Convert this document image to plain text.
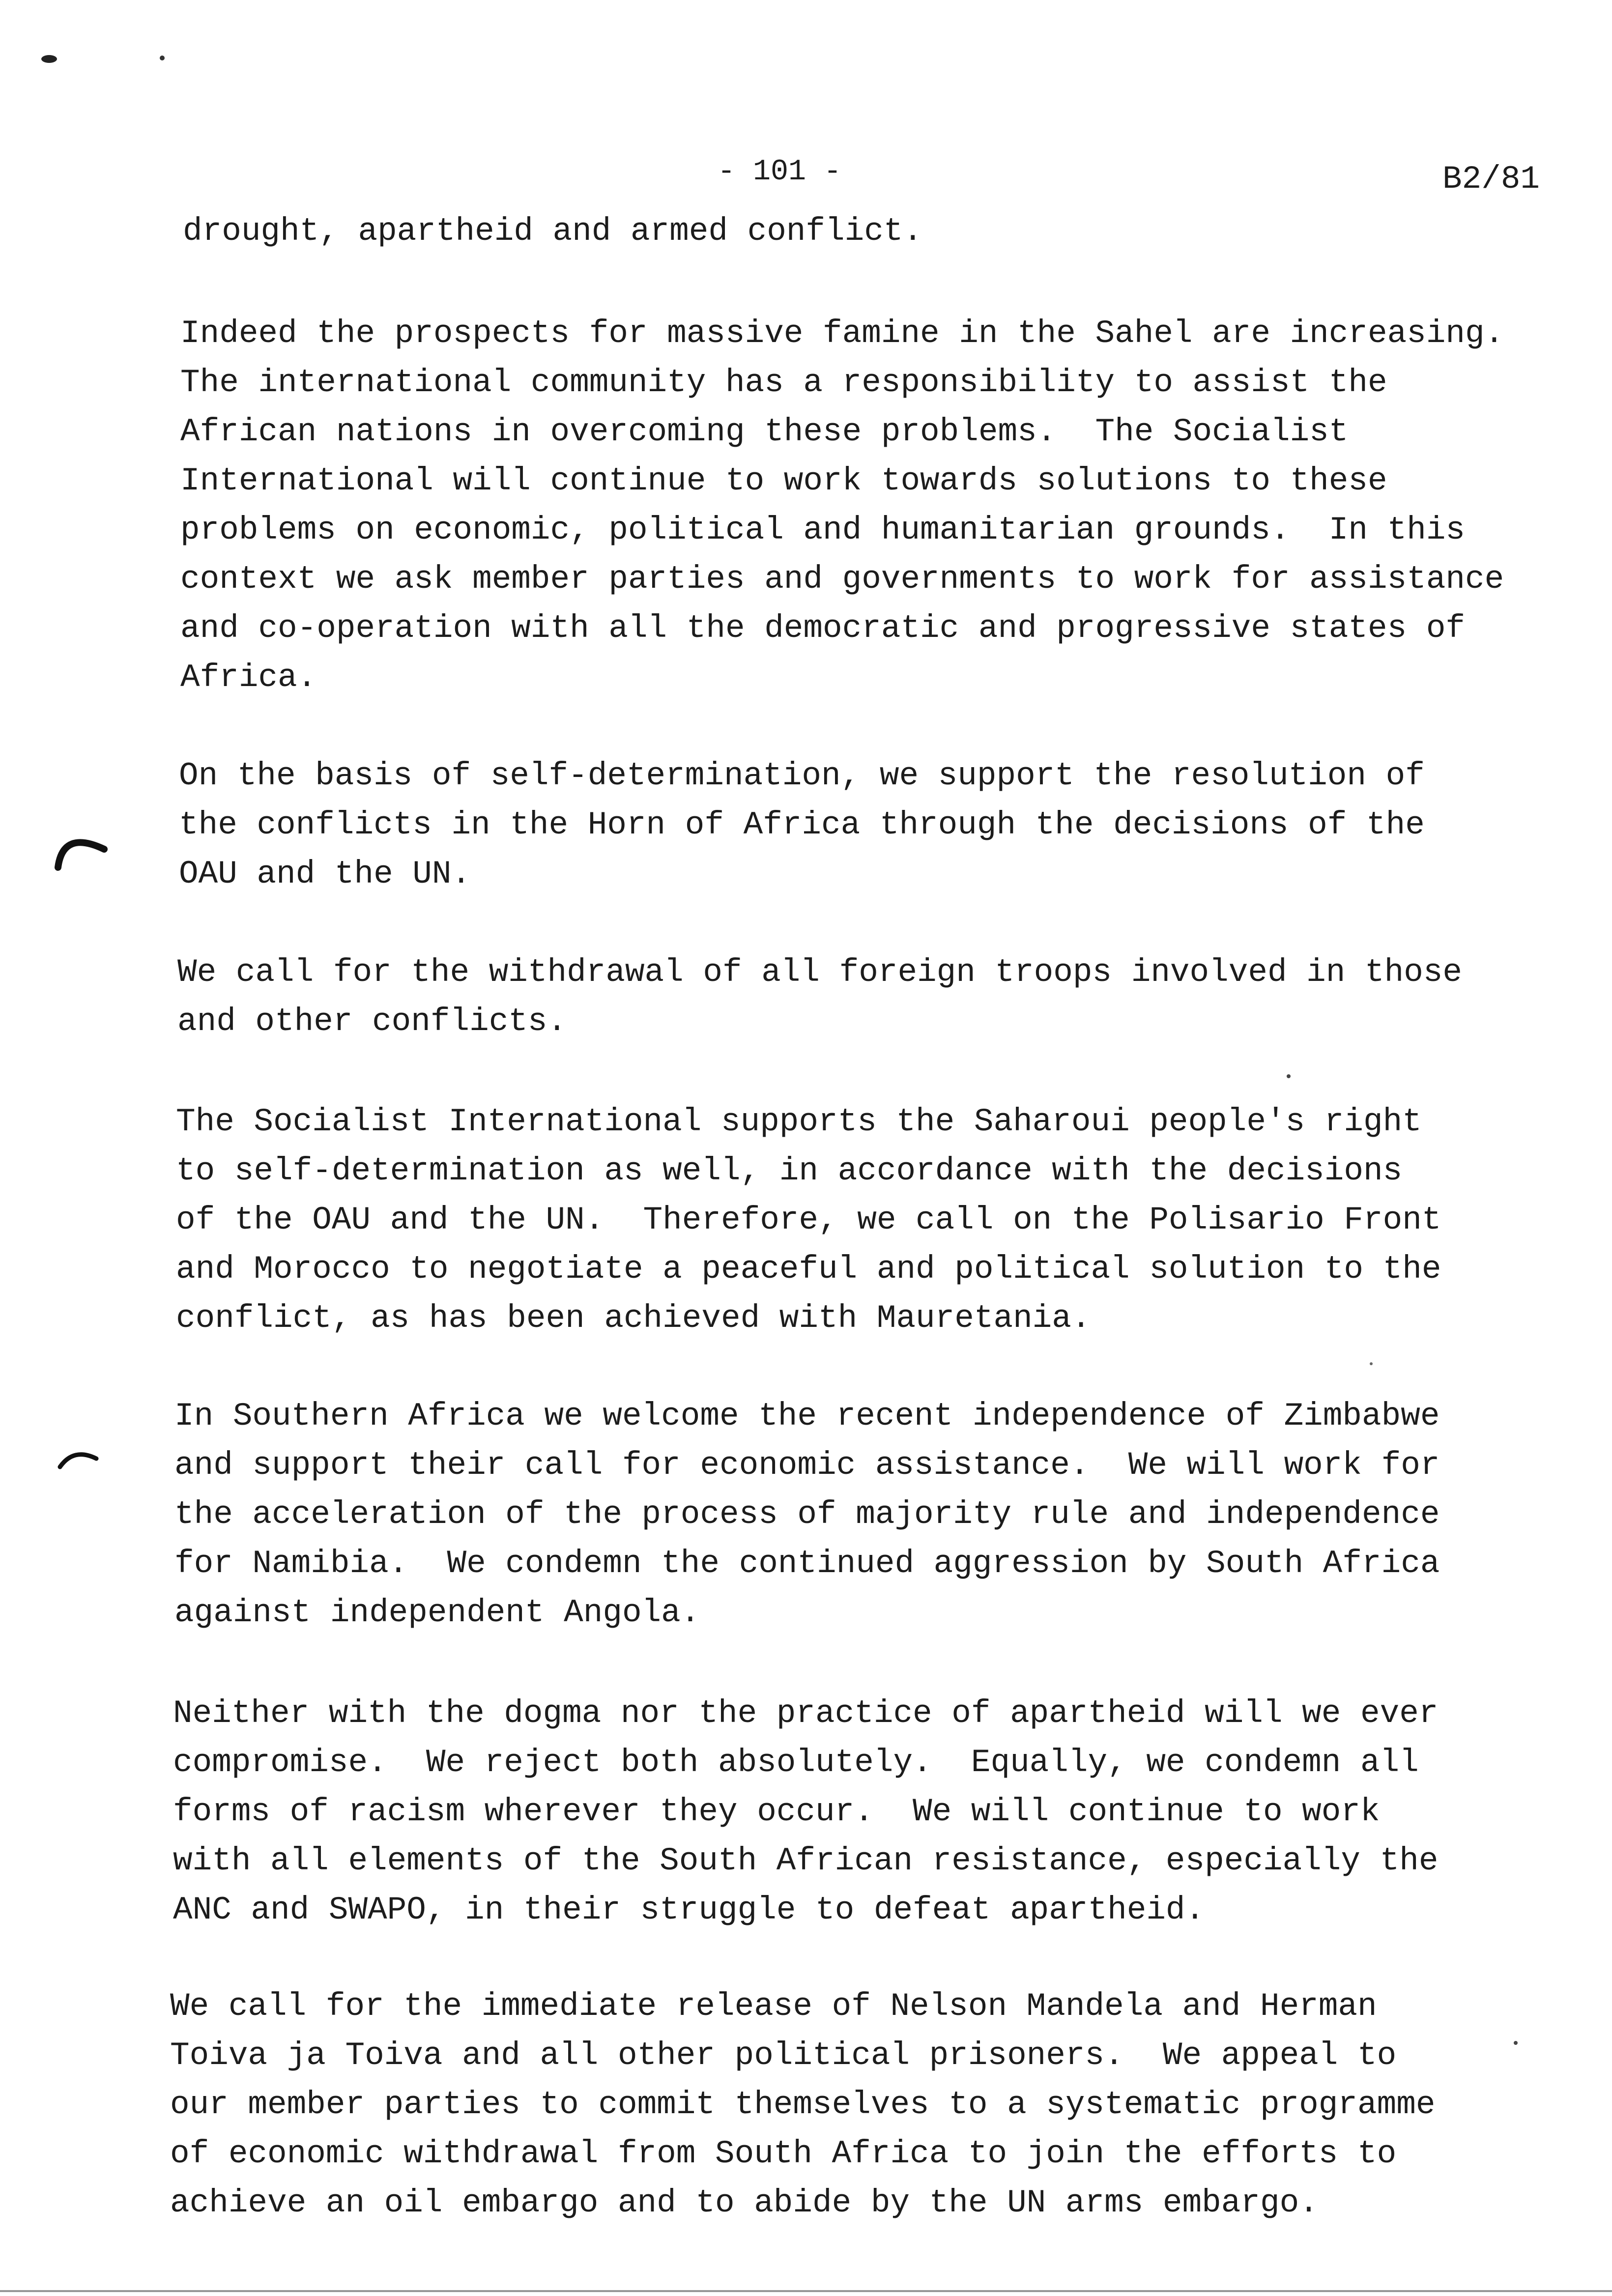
- 101 -	B2/81

drought, apartheid and armed conflict.

Indeed the prospects for massive famine in the Sahel are increasing.
The international community has a responsibility to assist the
African nations in overcoming these problems.  The Socialist
International will continue to work towards solutions to these
problems on economic, political and humanitarian grounds.  In this
context we ask member parties and governments to work for assistance
and co-operation with all the democratic and progressive states of
Africa.

On the basis of self-determination, we support the resolution of
the conflicts in the Horn of Africa through the decisions of the
OAU and the UN.

We call for the withdrawal of all foreign troops involved in those
and other conflicts.

The Socialist International supports the Saharoui people's right
to self-determination as well, in accordance with the decisions
of the OAU and the UN.  Therefore, we call on the Polisario Front
and Morocco to negotiate a peaceful and political solution to the
conflict, as has been achieved with Mauretania.

In Southern Africa we welcome the recent independence of Zimbabwe
and support their call for economic assistance.  We will work for
the acceleration of the process of majority rule and independence
for Namibia.  We condemn the continued aggression by South Africa
against independent Angola.

Neither with the dogma nor the practice of apartheid will we ever
compromise.  We reject both absolutely.  Equally, we condemn all
forms of racism wherever they occur.  We will continue to work
with all elements of the South African resistance, especially the
ANC and SWAPO, in their struggle to defeat apartheid.

We call for the immediate release of Nelson Mandela and Herman
Toiva ja Toiva and all other political prisoners.  We appeal to
our member parties to commit themselves to a systematic programme
of economic withdrawal from South Africa to join the efforts to
achieve an oil embargo and to abide by the UN arms embargo.
